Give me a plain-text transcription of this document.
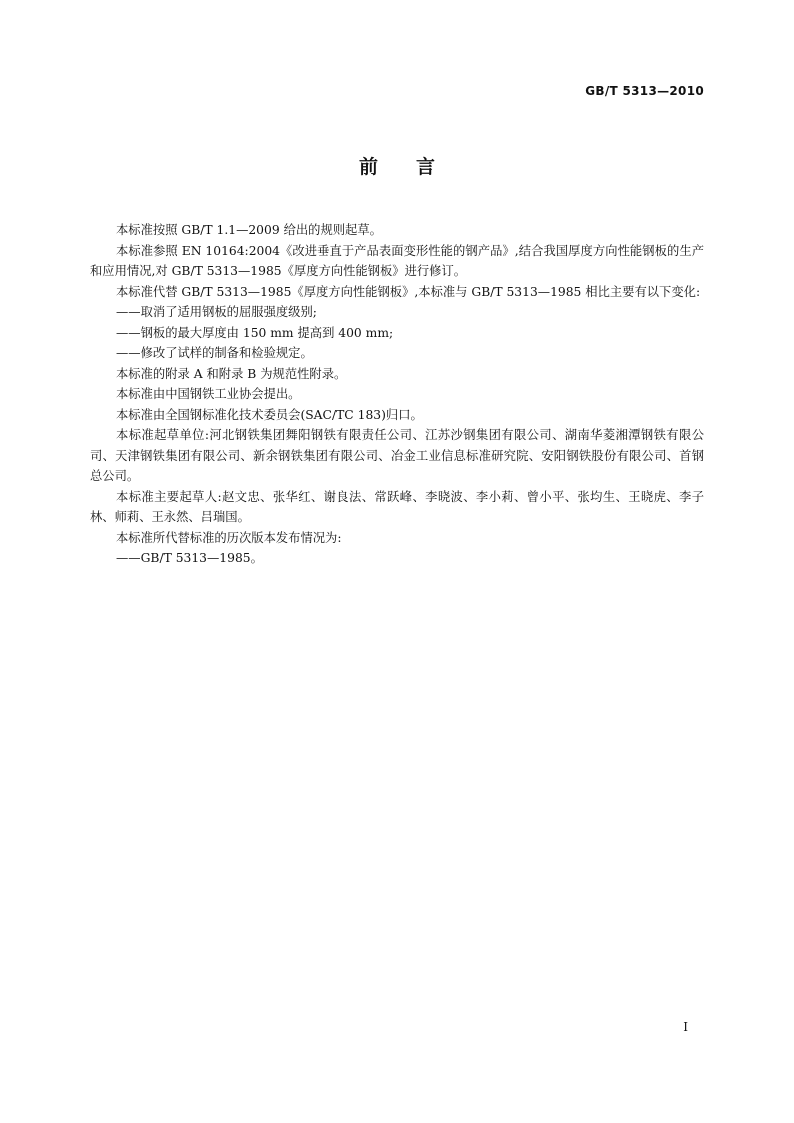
GB/T 5313—2010
前言

本标准按照 GB/T 1.1—2009 给出的规则起草。

本标准参照 EN 10164:2004《改进垂直于产品表面变形性能的钢产品》,结合我国厚度方向性能钢板的生产和应用情况,对 GB/T 5313—1985《厚度方向性能钢板》进行修订。

本标准代替 GB/T 5313—1985《厚度方向性能钢板》,本标准与 GB/T 5313—1985 相比主要有以下变化:

——取消了适用钢板的屈服强度级别;

——钢板的最大厚度由 150 mm 提高到 400 mm;

——修改了试样的制备和检验规定。

本标准的附录 A 和附录 B 为规范性附录。

本标准由中国钢铁工业协会提出。

本标准由全国钢标准化技术委员会(SAC/TC 183)归口。

本标准起草单位:河北钢铁集团舞阳钢铁有限责任公司、江苏沙钢集团有限公司、湖南华菱湘潭钢铁有限公司、天津钢铁集团有限公司、新余钢铁集团有限公司、冶金工业信息标准研究院、安阳钢铁股份有限公司、首钢总公司。

本标准主要起草人:赵文忠、张华红、谢良法、常跃峰、李晓波、李小莉、曾小平、张均生、王晓虎、李子林、师莉、王永然、吕瑞国。

本标准所代替标准的历次版本发布情况为:

——GB/T 5313—1985。

I
